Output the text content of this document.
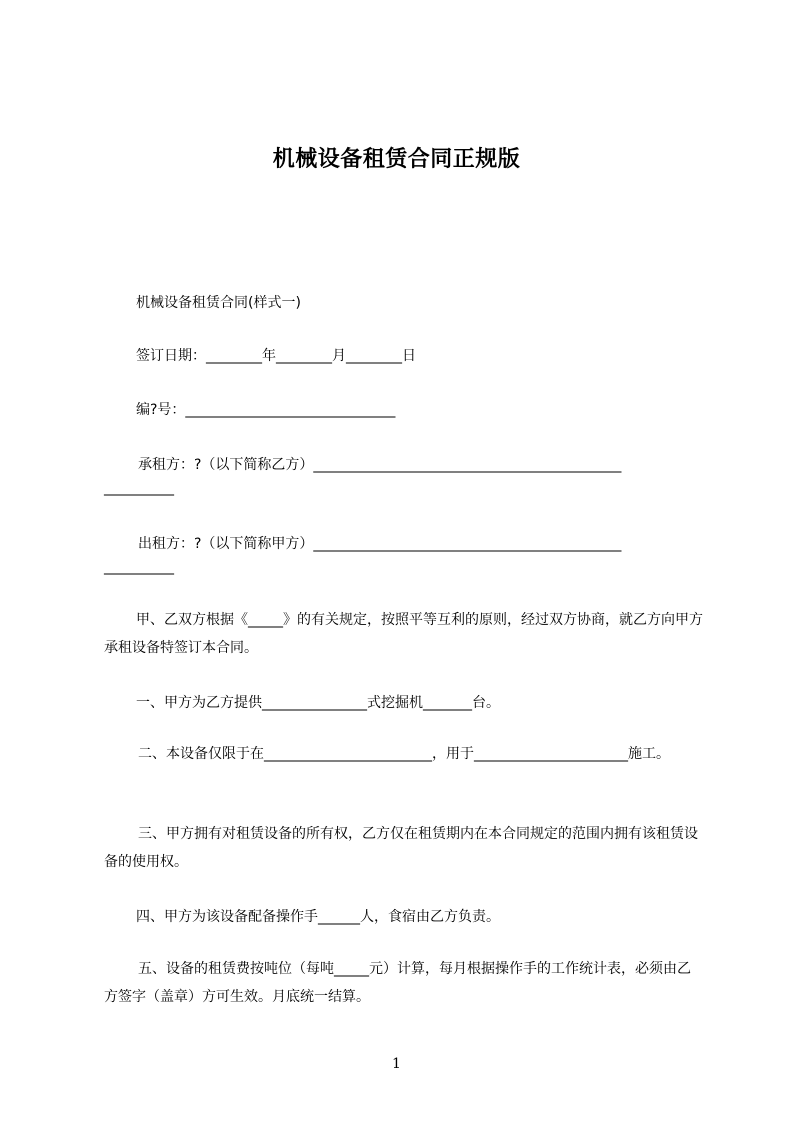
机械设备租赁合同正规版
机械设备租赁合同(样式一)
签订日期：________年________月________日
编?号：______________________________
承租方：?（以下简称乙方）____________________________________________
__________
出租方：?（以下简称甲方）____________________________________________
__________
甲、乙双方根据《_____》的有关规定，按照平等互利的原则，经过双方协商，就乙方向甲方承租设备特签订本合同。
一、甲方为乙方提供_______________式挖掘机_______台。
二、本设备仅限于在________________________，用于______________________施工。
三、甲方拥有对租赁设备的所有权，乙方仅在租赁期内在本合同规定的范围内拥有该租赁设备的使用权。
四、甲方为该设备配备操作手______人，食宿由乙方负责。
五、设备的租赁费按吨位（每吨_____元）计算，每月根据操作手的工作统计表，必须由乙方签字（盖章）方可生效。月底统一结算。
1
